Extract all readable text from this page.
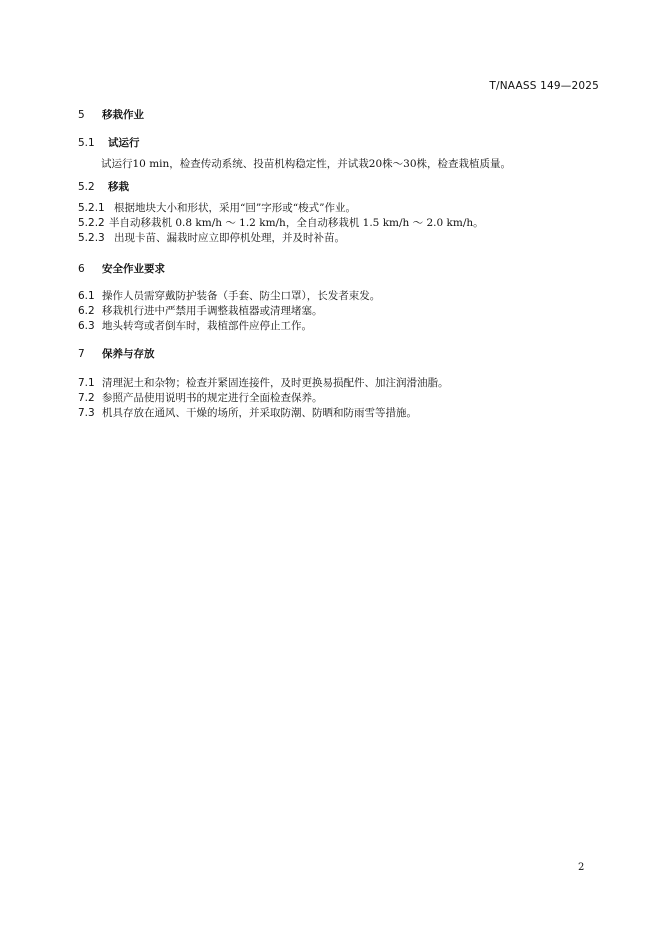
T/NAASS 149—2025
5 移栽作业
5.1 试运行
试运行10 min，检查传动系统、投苗机构稳定性，并试栽20株～30株，检查栽植质量。
5.2 移栽
5.2.1 根据地块大小和形状，采用“回”字形或“梭式”作业。
5.2.2 半自动移栽机 0.8 km/h ～ 1.2 km/h，全自动移栽机 1.5 km/h ～ 2.0 km/h。
5.2.3 出现卡苗、漏栽时应立即停机处理，并及时补苗。
6 安全作业要求
6.1 操作人员需穿戴防护装备（手套、防尘口罩），长发者束发。
6.2 移栽机行进中严禁用手调整栽植器或清理堵塞。
6.3 地头转弯或者倒车时，栽植部件应停止工作。
7 保养与存放
7.1 清理泥土和杂物；检查并紧固连接件，及时更换易损配件、加注润滑油脂。
7.2 参照产品使用说明书的规定进行全面检查保养。
7.3 机具存放在通风、干燥的场所，并采取防潮、防晒和防雨雪等措施。
2
